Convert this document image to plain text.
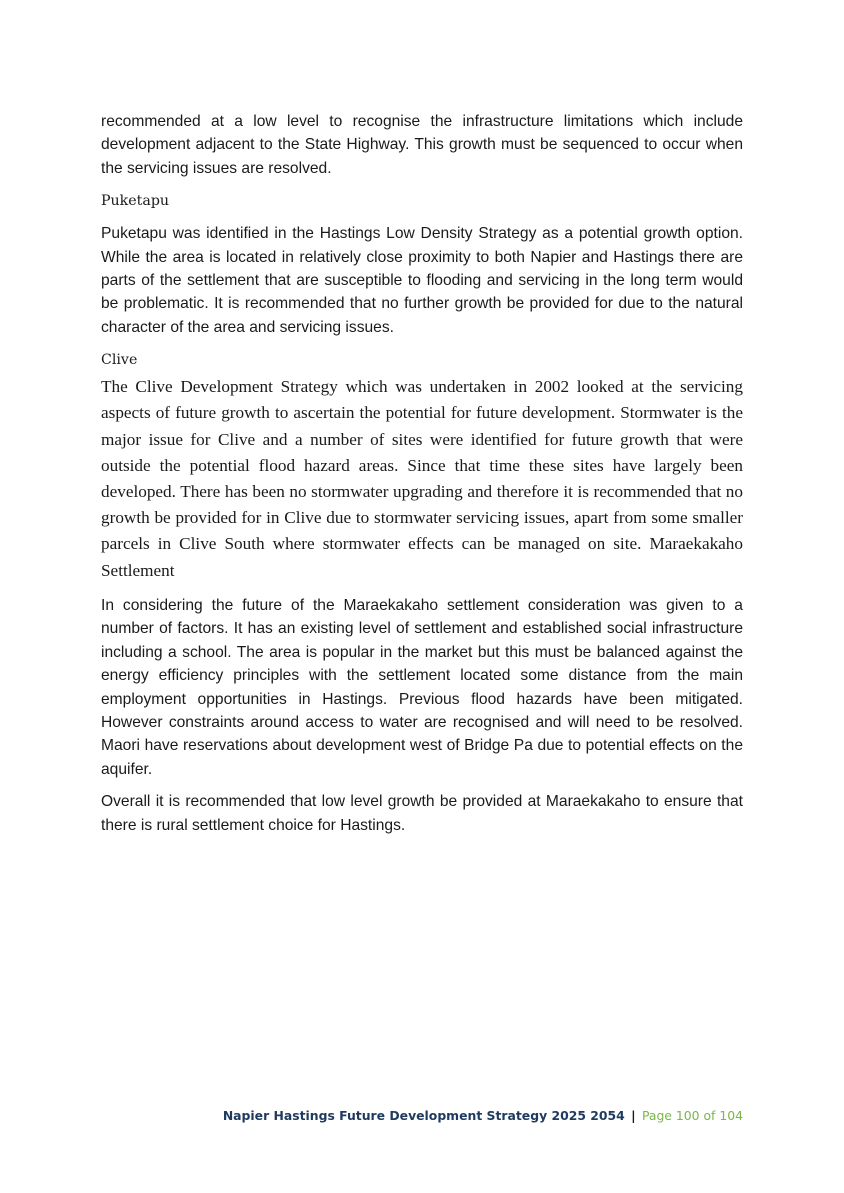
recommended at a low level to recognise the infrastructure limitations which include development adjacent to the State Highway. This growth must be sequenced to occur when the servicing issues are resolved.

Puketapu

Puketapu was identified in the Hastings Low Density Strategy as a potential growth option. While the area is located in relatively close proximity to both Napier and Hastings there are parts of the settlement that are susceptible to flooding and servicing in the long term would be problematic. It is recommended that no further growth be provided for due to the natural character of the area and servicing issues.

Clive

The Clive Development Strategy which was undertaken in 2002 looked at the servicing aspects of future growth to ascertain the potential for future development. Stormwater is the major issue for Clive and a number of sites were identified for future growth that were outside the potential flood hazard areas. Since that time these sites have largely been developed. There has been no stormwater upgrading and therefore it is recommended that no growth be provided for in Clive due to stormwater servicing issues, apart from some smaller parcels in Clive South where stormwater effects can be managed on site. Maraekakaho Settlement

In considering the future of the Maraekakaho settlement consideration was given to a number of factors. It has an existing level of settlement and established social infrastructure including a school. The area is popular in the market but this must be balanced against the energy efficiency principles with the settlement located some distance from the main employment opportunities in Hastings. Previous flood hazards have been mitigated. However constraints around access to water are recognised and will need to be resolved. Maori have reservations about development west of Bridge Pa due to potential effects on the aquifer.

Overall it is recommended that low level growth be provided at Maraekakaho to ensure that there is rural settlement choice for Hastings.

Napier Hastings Future Development Strategy 2025 2054 | Page 100 of 104
